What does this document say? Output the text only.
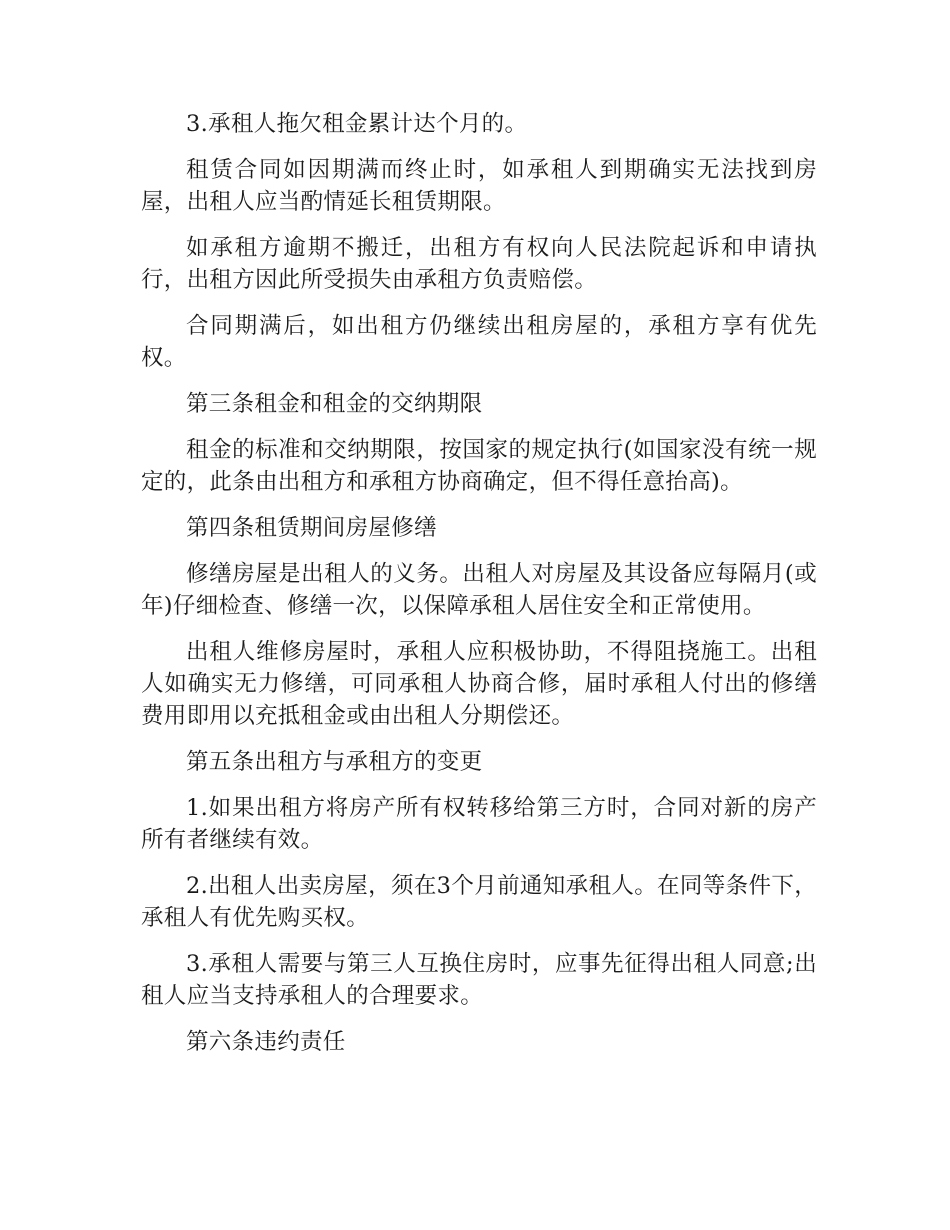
3.承租人拖欠租金累计达个月的。

租赁合同如因期满而终止时，如承租人到期确实无法找到房屋，出租人应当酌情延长租赁期限。

如承租方逾期不搬迁，出租方有权向人民法院起诉和申请执行，出租方因此所受损失由承租方负责赔偿。

合同期满后，如出租方仍继续出租房屋的，承租方享有优先权。

第三条租金和租金的交纳期限

租金的标准和交纳期限，按国家的规定执行(如国家没有统一规定的，此条由出租方和承租方协商确定，但不得任意抬高)。

第四条租赁期间房屋修缮

修缮房屋是出租人的义务。出租人对房屋及其设备应每隔月(或年)仔细检查、修缮一次，以保障承租人居住安全和正常使用。

出租人维修房屋时，承租人应积极协助，不得阻挠施工。出租人如确实无力修缮，可同承租人协商合修，届时承租人付出的修缮费用即用以充抵租金或由出租人分期偿还。

第五条出租方与承租方的变更

1.如果出租方将房产所有权转移给第三方时，合同对新的房产所有者继续有效。

2.出租人出卖房屋，须在3个月前通知承租人。在同等条件下，承租人有优先购买权。

3.承租人需要与第三人互换住房时，应事先征得出租人同意;出租人应当支持承租人的合理要求。

第六条违约责任
